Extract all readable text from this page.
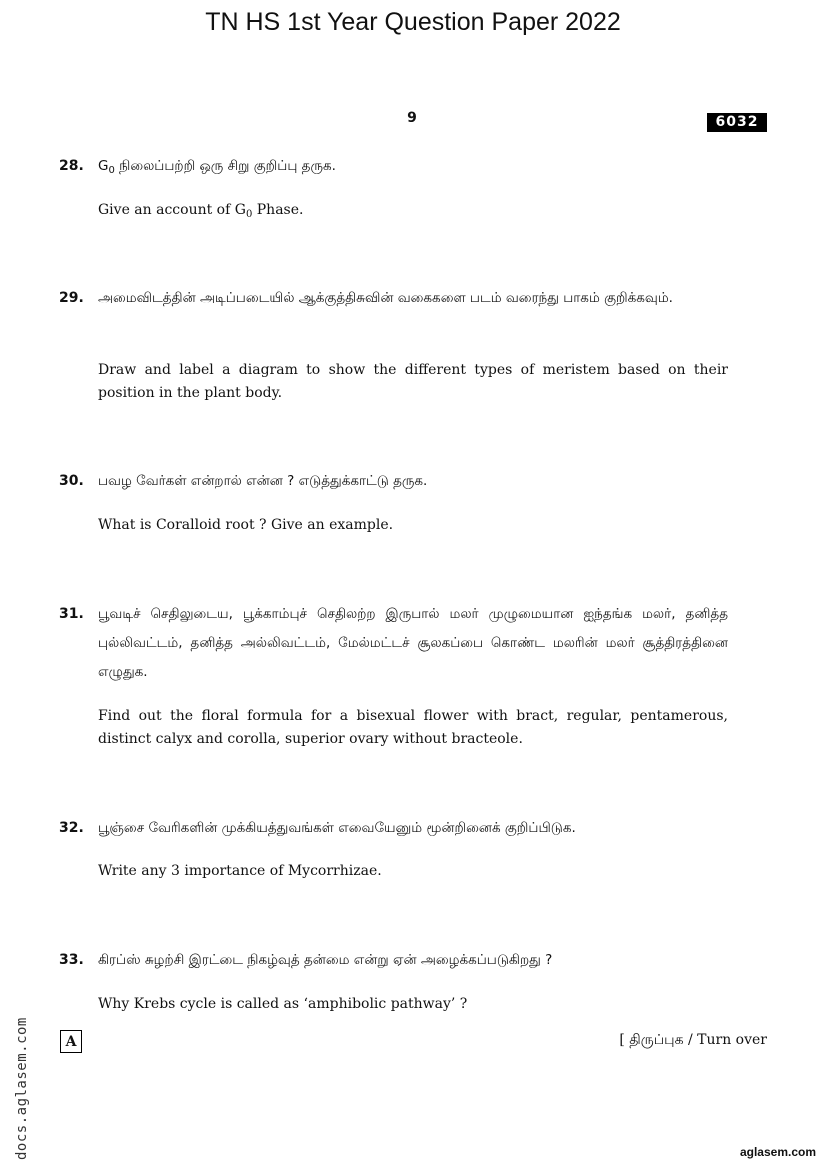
TN HS 1st Year Question Paper 2022
9	6032
28. $G_0$ நிலைப்பற்றி ஒரு சிறு குறிப்பு தருக.
Give an account of $G_0$ Phase.
29. அமைவிடத்தின் அடிப்படையில் ஆக்குத்திசுவின் வகைகளை படம் வரைந்து பாகம் குறிக்கவும்.
Draw and label a diagram to show the different types of meristem based on their position in the plant body.
30. பவழ வேர்கள் என்றால் என்ன ? எடுத்துக்காட்டு தருக.
What is Coralloid root ? Give an example.
31. பூவடிச் செதிலுடைய, பூக்காம்புச் செதிலற்ற இருபால் மலர் முழுமையான ஐந்தங்க மலர், தனித்த புல்லிவட்டம், தனித்த அல்லிவட்டம், மேல்மட்டச் சூலகப்பை கொண்ட மலரின் மலர் சூத்திரத்தினை எழுதுக.
Find out the floral formula for a bisexual flower with bract, regular, pentamerous, distinct calyx and corolla, superior ovary without bracteole.
32. பூஞ்சை வேரிகளின் முக்கியத்துவங்கள் எவையேனும் மூன்றினைக் குறிப்பிடுக.
Write any 3 importance of Mycorrhizae.
33. கிரப்ஸ் சுழற்சி இரட்டை நிகழ்வுத் தன்மை என்று ஏன் அழைக்கப்படுகிறது ?
Why Krebs cycle is called as ‘amphibolic pathway’ ?
A	[ திருப்புக / Turn over
docs.aglasem.com	aglasem.com
